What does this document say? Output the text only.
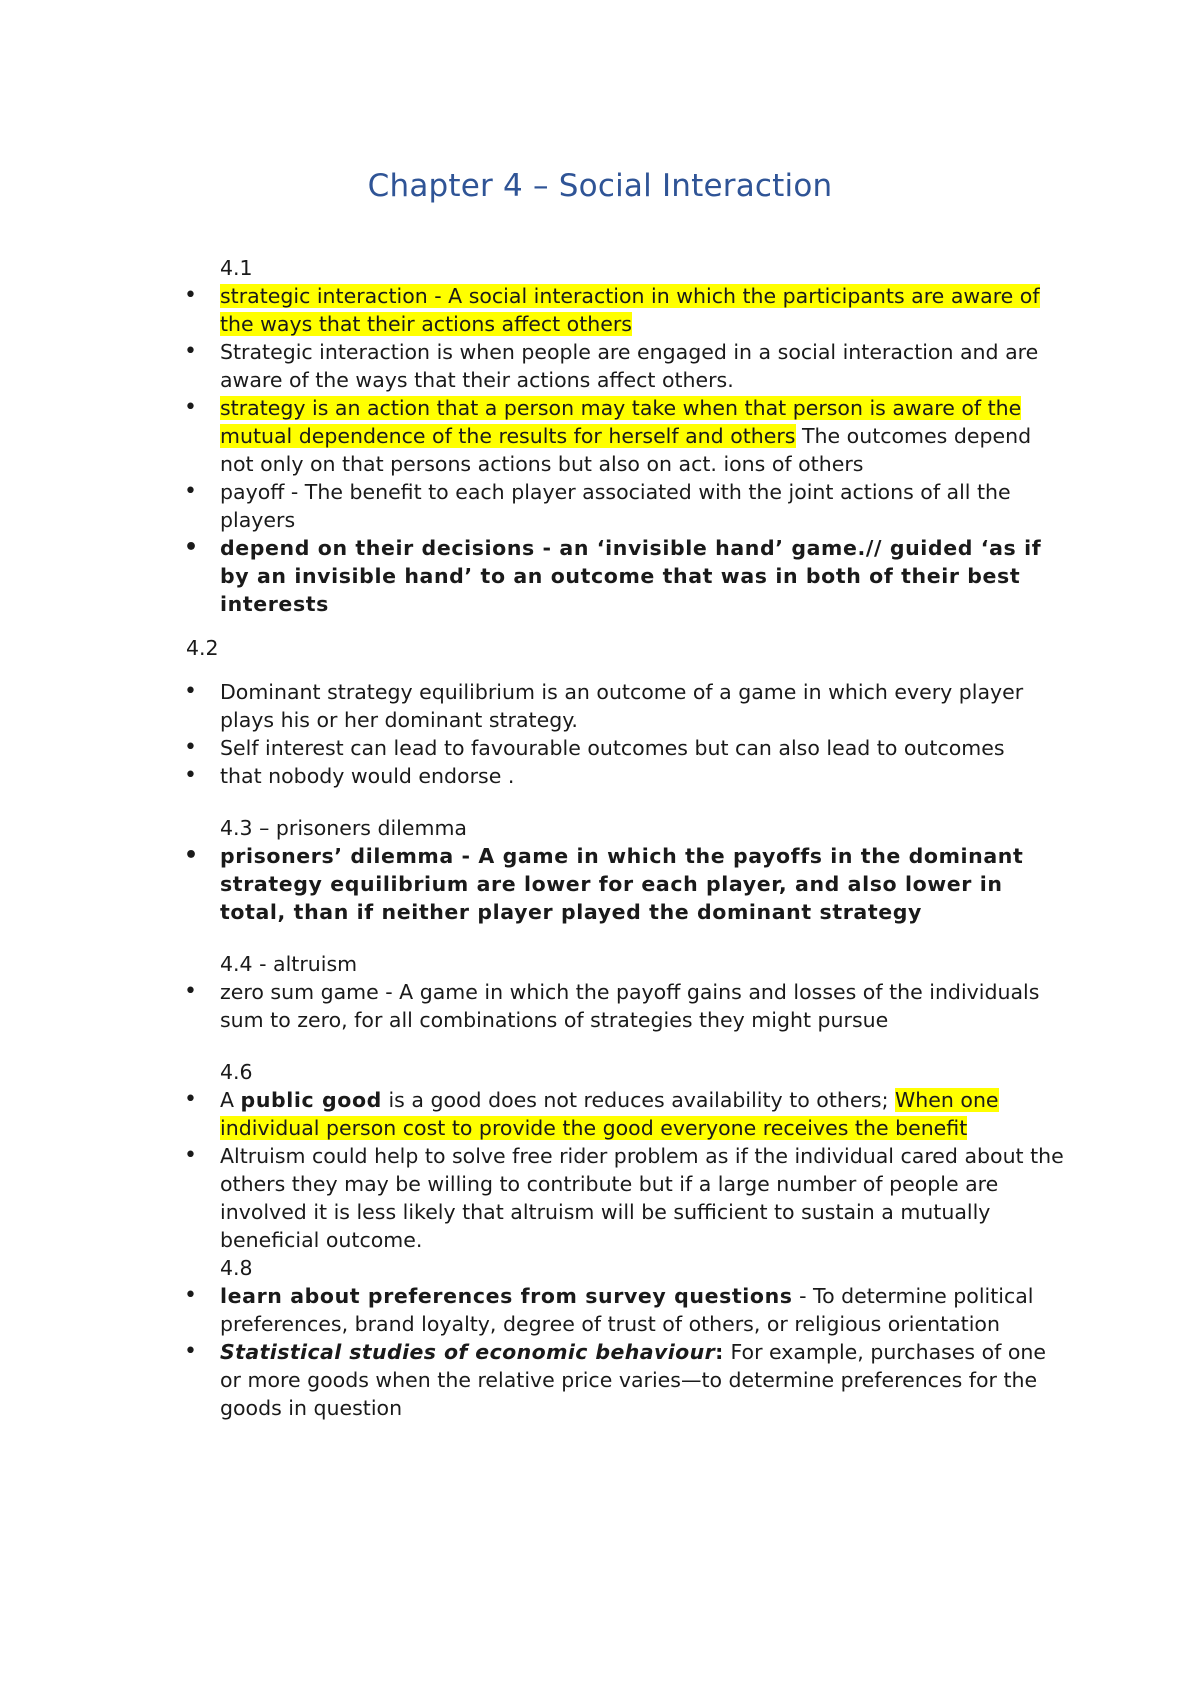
Chapter 4 – Social Interaction
4.1
• strategic interaction - A social interaction in which the participants are aware of the ways that their actions affect others
• Strategic interaction is when people are engaged in a social interaction and are aware of the ways that their actions affect others.
• strategy is an action that a person may take when that person is aware of the mutual dependence of the results for herself and others The outcomes depend not only on that persons actions but also on act. ions of others
• payoff - The benefit to each player associated with the joint actions of all the players
• depend on their decisions - an ‘invisible hand’ game.// guided ‘as if by an invisible hand’ to an outcome that was in both of their best interests
4.2
• Dominant strategy equilibrium is an outcome of a game in which every player plays his or her dominant strategy.
• Self interest can lead to favourable outcomes but can also lead to outcomes
• that nobody would endorse .
4.3 – prisoners dilemma
• prisoners’ dilemma - A game in which the payoffs in the dominant strategy equilibrium are lower for each player, and also lower in total, than if neither player played the dominant strategy
4.4 - altruism
• zero sum game - A game in which the payoff gains and losses of the individuals sum to zero, for all combinations of strategies they might pursue
4.6
• A public good is a good does not reduces availability to others; When one individual person cost to provide the good everyone receives the benefit
• Altruism could help to solve free rider problem as if the individual cared about the others they may be willing to contribute but if a large number of people are involved it is less likely that altruism will be sufficient to sustain a mutually beneficial outcome.
4.8
• learn about preferences from survey questions - To determine political preferences, brand loyalty, degree of trust of others, or religious orientation
• Statistical studies of economic behaviour: For example, purchases of one or more goods when the relative price varies—to determine preferences for the goods in question
